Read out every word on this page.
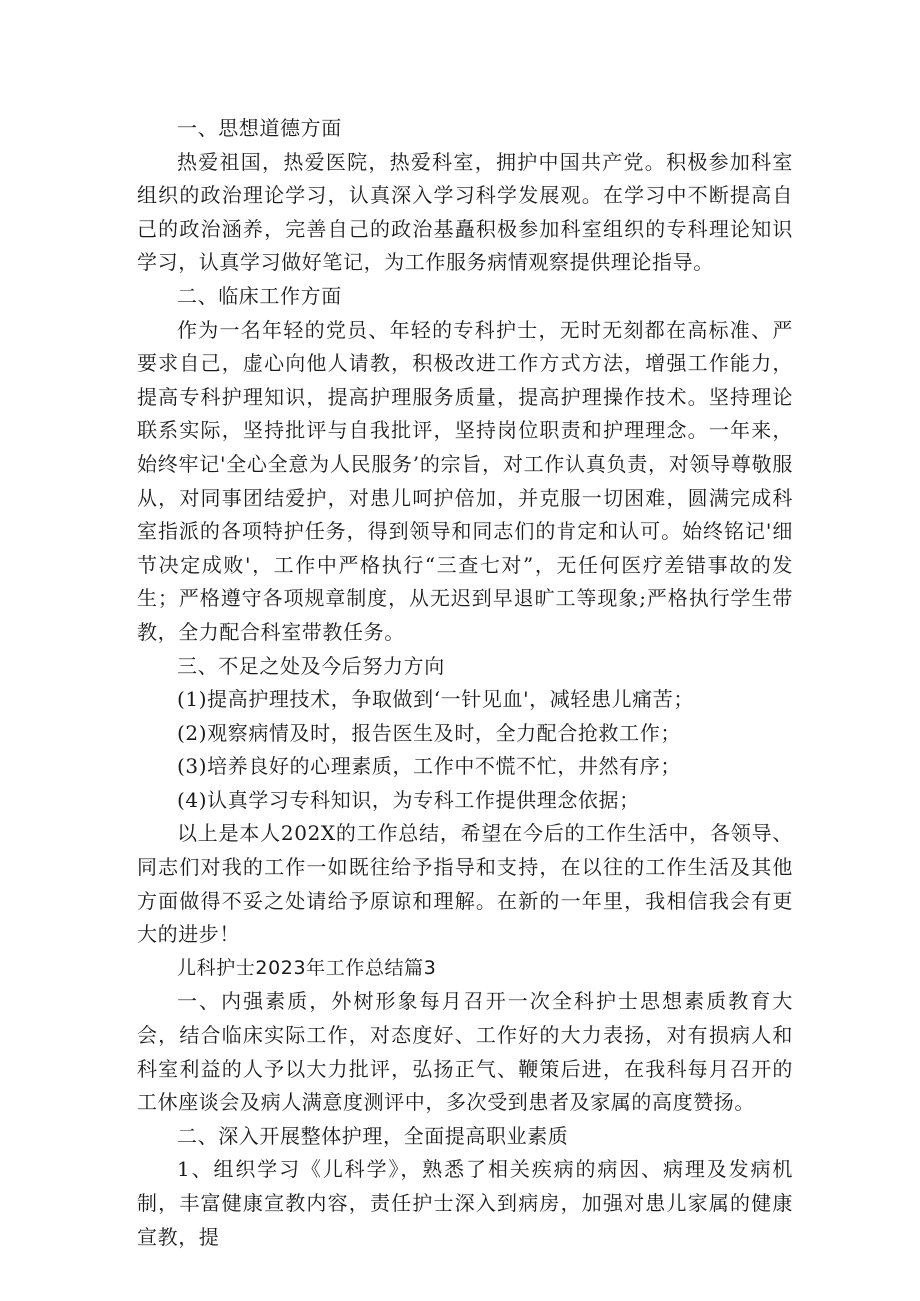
一、思想道德方面

热爱祖国，热爱医院，热爱科室，拥护中国共产党。积极参加科室组织的政治理论学习，认真深入学习科学发展观。在学习中不断提高自己的政治涵养，完善自己的政治基矗积极参加科室组织的专科理论知识学习，认真学习做好笔记，为工作服务病情观察提供理论指导。

二、临床工作方面

作为一名年轻的党员、年轻的专科护士，无时无刻都在高标准、严要求自己，虚心向他人请教，积极改进工作方式方法，增强工作能力，提高专科护理知识，提高护理服务质量，提高护理操作技术。坚持理论联系实际，坚持批评与自我批评，坚持岗位职责和护理理念。一年来，始终牢记'全心全意为人民服务’的宗旨，对工作认真负责，对领导尊敬服从，对同事团结爱护，对患儿呵护倍加，并克服一切困难，圆满完成科室指派的各项特护任务，得到领导和同志们的肯定和认可。始终铭记'细节决定成败'，工作中严格执行“三查七对”，无任何医疗差错事故的发生；严格遵守各项规章制度，从无迟到早退旷工等现象;严格执行学生带教，全力配合科室带教任务。

三、不足之处及今后努力方向

(1)提高护理技术，争取做到‘一针见血'，减轻患儿痛苦；

(2)观察病情及时，报告医生及时，全力配合抢救工作；

(3)培养良好的心理素质，工作中不慌不忙，井然有序；

(4)认真学习专科知识，为专科工作提供理念依据；

以上是本人202X的工作总结，希望在今后的工作生活中，各领导、同志们对我的工作一如既往给予指导和支持，在以往的工作生活及其他方面做得不妥之处请给予原谅和理解。在新的一年里，我相信我会有更大的进步！

儿科护士2023年工作总结篇3

一、内强素质，外树形象每月召开一次全科护士思想素质教育大会，结合临床实际工作，对态度好、工作好的大力表扬，对有损病人和科室利益的人予以大力批评，弘扬正气、鞭策后进，在我科每月召开的工休座谈会及病人满意度测评中，多次受到患者及家属的高度赞扬。

二、深入开展整体护理，全面提高职业素质

1、组织学习《儿科学》，熟悉了相关疾病的病因、病理及发病机制，丰富健康宣教内容，责任护士深入到病房，加强对患儿家属的健康宣教，提
